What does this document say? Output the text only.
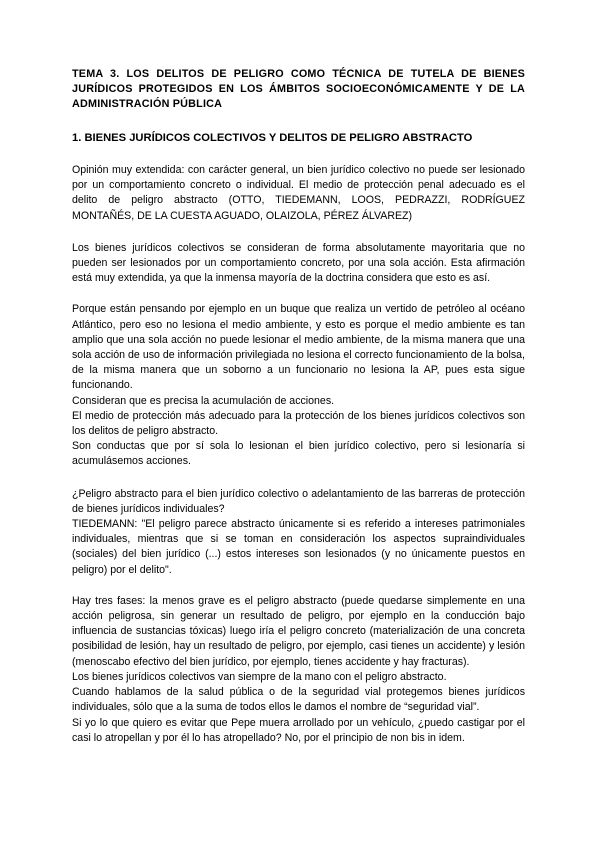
TEMA 3. LOS DELITOS DE PELIGRO COMO TÉCNICA DE TUTELA DE BIENES JURÍDICOS PROTEGIDOS EN LOS ÁMBITOS SOCIOECONÓMICAMENTE Y DE LA ADMINISTRACIÓN PÚBLICA

1. BIENES JURÍDICOS COLECTIVOS Y DELITOS DE PELIGRO ABSTRACTO

Opinión muy extendida: con carácter general, un bien jurídico colectivo no puede ser lesionado por un comportamiento concreto o individual. El medio de protección penal adecuado es el delito de peligro abstracto (OTTO, TIEDEMANN, LOOS, PEDRAZZI, RODRÍGUEZ MONTAÑÉS, DE LA CUESTA AGUADO, OLAIZOLA, PÉREZ ÁLVAREZ)

Los bienes jurídicos colectivos se consideran de forma absolutamente mayoritaria que no pueden ser lesionados por un comportamiento concreto, por una sola acción. Esta afirmación está muy extendida, ya que la inmensa mayoría de la doctrina considera que esto es así.

Porque están pensando por ejemplo en un buque que realiza un vertido de petróleo al océano Atlántico, pero eso no lesiona el medio ambiente, y esto es porque el medio ambiente es tan amplio que una sola acción no puede lesionar el medio ambiente, de la misma manera que una sola acción de uso de información privilegiada no lesiona el correcto funcionamiento de la bolsa, de la misma manera que un soborno a un funcionario no lesiona la AP, pues esta sigue funcionando.

Consideran que es precisa la acumulación de acciones.

El medio de protección más adecuado para la protección de los bienes jurídicos colectivos son los delitos de peligro abstracto.

Son conductas que por sí sola lo lesionan el bien jurídico colectivo, pero si lesionaría si acumulásemos acciones.

¿Peligro abstracto para el bien jurídico colectivo o adelantamiento de las barreras de protección de bienes jurídicos individuales?

TIEDEMANN: "El peligro parece abstracto únicamente si es referido a intereses patrimoniales individuales, mientras que si se toman en consideración los aspectos supraindividuales (sociales) del bien jurídico (...) estos intereses son lesionados (y no únicamente puestos en peligro) por el delito".

Hay tres fases: la menos grave es el peligro abstracto (puede quedarse simplemente en una acción peligrosa, sin generar un resultado de peligro, por ejemplo en la conducción bajo influencia de sustancias tóxicas) luego iría el peligro concreto (materialización de una concreta posibilidad de lesión, hay un resultado de peligro, por ejemplo, casi tienes un accidente) y lesión (menoscabo efectivo del bien jurídico, por ejemplo, tienes accidente y hay fracturas).

Los bienes jurídicos colectivos van siempre de la mano con el peligro abstracto.

Cuando hablamos de la salud pública o de la seguridad vial protegemos bienes jurídicos individuales, sólo que a la suma de todos ellos le damos el nombre de “seguridad vial”.

Si yo lo que quiero es evitar que Pepe muera arrollado por un vehículo, ¿puedo castigar por el casi lo atropellan y por él lo has atropellado? No, por el principio de non bis in idem.
